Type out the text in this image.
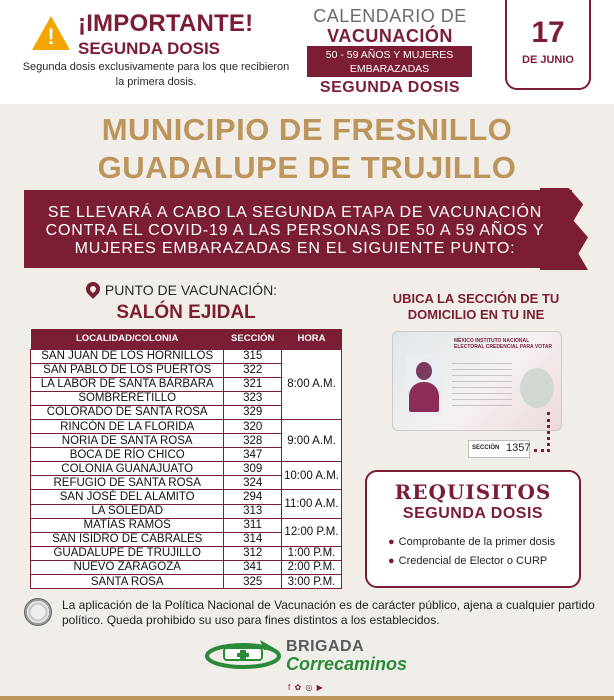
! ¡IMPORTANTE!
SEGUNDA DOSIS
Segunda dosis exclusivamente para los que recibieron la primera dosis.
CALENDARIO DE
VACUNACIÓN
50 - 59 AÑOS Y MUJERES EMBARAZADAS
SEGUNDA DOSIS
17
DE JUNIO
MUNICIPIO DE FRESNILLO
GUADALUPE DE TRUJILLO
SE LLEVARÁ A CABO LA SEGUNDA ETAPA DE VACUNACIÓN CONTRA EL COVID-19 A LAS PERSONAS DE 50 A 59 AÑOS Y MUJERES EMBARAZADAS EN EL SIGUIENTE PUNTO:
PUNTO DE VACUNACIÓN:
SALÓN EJIDAL
LOCALIDAD/COLONIA	SECCIÓN	HORA
SAN JUAN DE LOS HORNILLOS	315	8:00 A.M.
SAN PABLO DE LOS PUERTOS	322	
LA LABOR DE SANTA BÁRBARA	321	
SOMBRERETILLO	323	
COLORADO DE SANTA ROSA	329	
RINCÓN DE LA FLORIDA	320	9:00 A.M.
NORIA DE SANTA ROSA	328	
BOCA DE RÍO CHICO	347	
COLONIA GUANAJUATO	309	10:00 A.M.
REFUGIO DE SANTA ROSA	324	
SAN JOSÉ DEL ALAMITO	294	11:00 A.M.
LA SOLEDAD	313	
MATÍAS RAMOS	311	12:00 P.M.
SAN ISIDRO DE CABRALES	314	
GUADALUPE DE TRUJILLO	312	1:00 P.M.
NUEVO ZARAGOZA	341	2:00 P.M.
SANTA ROSA	325	3:00 P.M.
UBICA LA SECCIÓN DE TU DOMICILIO EN TU INE
MÉXICO INSTITUTO NACIONAL ELECTORAL CREDENCIAL PARA VOTAR
SECCIÓN 1357
REQUISITOS
SEGUNDA DOSIS
● Comprobante de la primer dosis
● Credencial de Elector o CURP
La aplicación de la Política Nacional de Vacunación es de carácter público, ajena a cualquier partido político. Queda prohibido su uso para fines distintos a los establecidos.
BRIGADA
Correcaminos
f ✿ ◎ ▶
